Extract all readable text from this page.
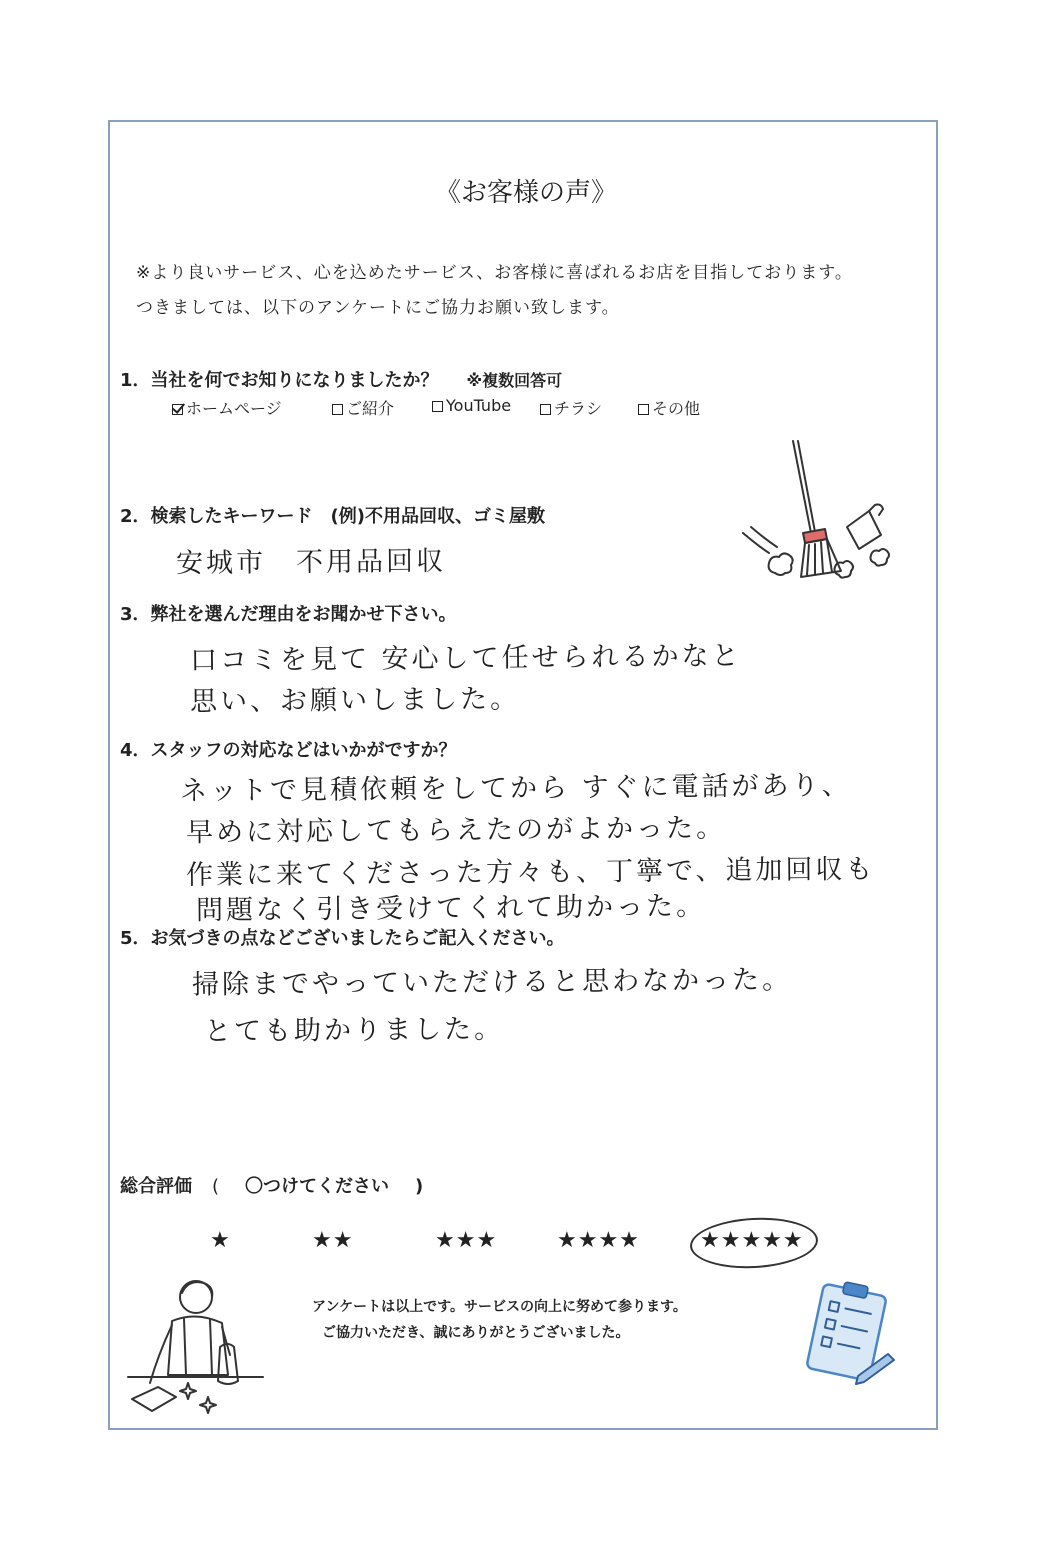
《お客様の声》
※より良いサービス、心を込めたサービス、お客様に喜ばれるお店を目指しております。
つきましては、以下のアンケートにご協力お願い致します。
1．当社を何でお知りになりましたか？ ※複数回答可
ホームページ	ご紹介	YouTube	チラシ	その他
2．検索したキーワード　(例)不用品回収、ゴミ屋敷
安城市　不用品回収
3．弊社を選んだ理由をお聞かせ下さい。
口コミを見て 安心して任せられるかなと
思い、お願いしました。
4．スタッフの対応などはいかがですか？
ネットで見積依頼をしてから すぐに電話があり、
早めに対応してもらえたのがよかった。
作業に来てくださった方々も、丁寧で、追加回収も
問題なく引き受けてくれて助かった。
5．お気づきの点などございましたらご記入ください。
掃除までやっていただけると思わなかった。
とても助かりました。
総合評価 ( 〇つけてください )
★	★★	★★★	★★★★	★★★★★
アンケートは以上です。サービスの向上に努めて参ります。
ご協力いただき、誠にありがとうございました。
